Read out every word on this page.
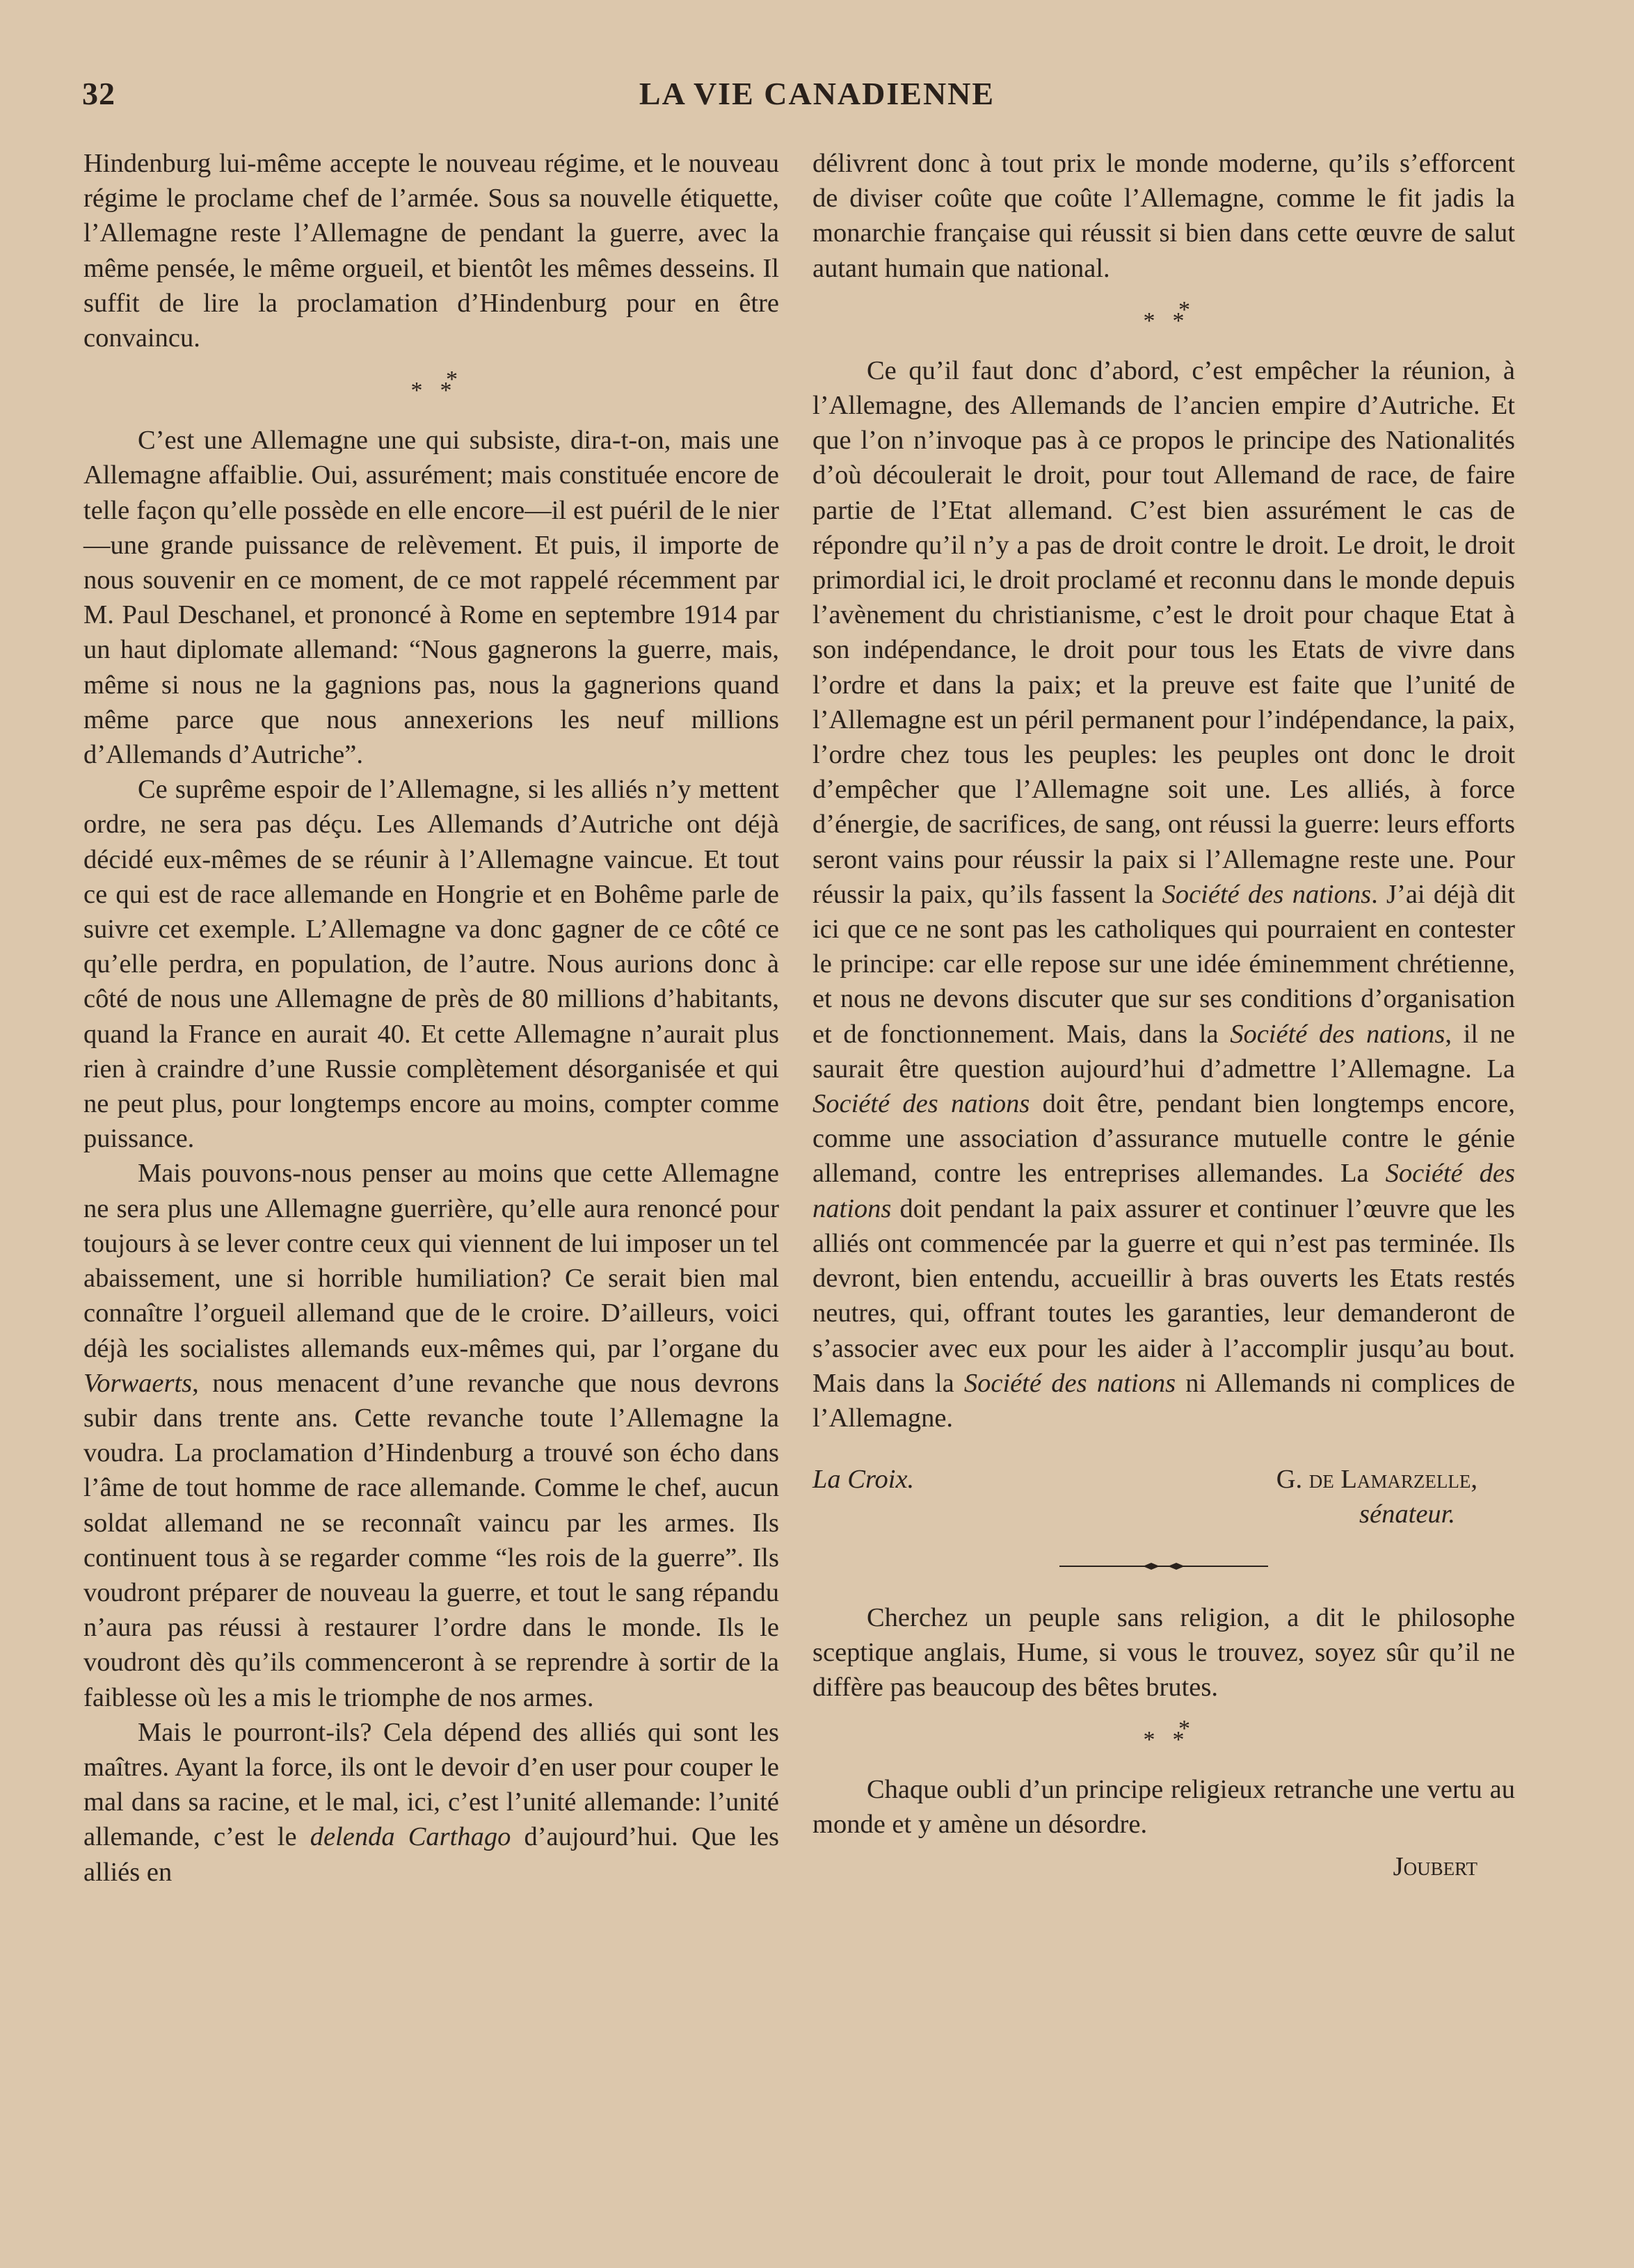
32	LA VIE CANADIENNE

Hindenburg lui-même accepte le nouveau régime, et le nouveau régime le proclame chef de l’armée. Sous sa nouvelle étiquette, l’Allemagne reste l’Allemagne de pendant la guerre, avec la même pensée, le même orgueil, et bientôt les mêmes desseins. Il suffit de lire la proclamation d’Hindenburg pour en être convaincu.

* **

C’est une Allemagne une qui subsiste, dira-t-on, mais une Allemagne affaiblie. Oui, assurément; mais constituée encore de telle façon qu’elle possède en elle encore—il est puéril de le nier—une grande puissance de relèvement. Et puis, il importe de nous souvenir en ce moment, de ce mot rappelé récemment par M. Paul Deschanel, et prononcé à Rome en septembre 1914 par un haut diplomate allemand: “Nous gagnerons la guerre, mais, même si nous ne la gagnions pas, nous la gagnerions quand même parce que nous annexerions les neuf millions d’Allemands d’Autriche”.

Ce suprême espoir de l’Allemagne, si les alliés n’y mettent ordre, ne sera pas déçu. Les Allemands d’Autriche ont déjà décidé eux-mêmes de se réunir à l’Allemagne vaincue. Et tout ce qui est de race allemande en Hongrie et en Bohême parle de suivre cet exemple. L’Allemagne va donc gagner de ce côté ce qu’elle perdra, en population, de l’autre. Nous aurions donc à côté de nous une Allemagne de près de 80 millions d’habitants, quand la France en aurait 40. Et cette Allemagne n’aurait plus rien à craindre d’une Russie complètement désorganisée et qui ne peut plus, pour longtemps encore au moins, compter comme puissance.

Mais pouvons-nous penser au moins que cette Allemagne ne sera plus une Allemagne guerrière, qu’elle aura renoncé pour toujours à se lever contre ceux qui viennent de lui imposer un tel abaissement, une si horrible humiliation? Ce serait bien mal connaître l’orgueil allemand que de le croire. D’ailleurs, voici déjà les socialistes allemands eux-mêmes qui, par l’organe du Vorwaerts, nous menacent d’une revanche que nous devrons subir dans trente ans. Cette revanche toute l’Allemagne la voudra. La proclamation d’Hindenburg a trouvé son écho dans l’âme de tout homme de race allemande. Comme le chef, aucun soldat allemand ne se reconnaît vaincu par les armes. Ils continuent tous à se regarder comme “les rois de la guerre”. Ils voudront préparer de nouveau la guerre, et tout le sang répandu n’aura pas réussi à restaurer l’ordre dans le monde. Ils le voudront dès qu’ils commenceront à se reprendre à sortir de la faiblesse où les a mis le triomphe de nos armes.

Mais le pourront-ils? Cela dépend des alliés qui sont les maîtres. Ayant la force, ils ont le devoir d’en user pour couper le mal dans sa racine, et le mal, ici, c’est l’unité allemande: l’unité allemande, c’est le delenda Carthago d’aujourd’hui. Que les alliés en

délivrent donc à tout prix le monde moderne, qu’ils s’efforcent de diviser coûte que coûte l’Allemagne, comme le fit jadis la monarchie française qui réussit si bien dans cette œuvre de salut autant humain que national.

* **

Ce qu’il faut donc d’abord, c’est empêcher la réunion, à l’Allemagne, des Allemands de l’ancien empire d’Autriche. Et que l’on n’invoque pas à ce propos le principe des Nationalités d’où découlerait le droit, pour tout Allemand de race, de faire partie de l’Etat allemand. C’est bien assurément le cas de répondre qu’il n’y a pas de droit contre le droit. Le droit, le droit primordial ici, le droit proclamé et reconnu dans le monde depuis l’avènement du christianisme, c’est le droit pour chaque Etat à son indépendance, le droit pour tous les Etats de vivre dans l’ordre et dans la paix; et la preuve est faite que l’unité de l’Allemagne est un péril permanent pour l’indépendance, la paix, l’ordre chez tous les peuples: les peuples ont donc le droit d’empêcher que l’Allemagne soit une. Les alliés, à force d’énergie, de sacrifices, de sang, ont réussi la guerre: leurs efforts seront vains pour réussir la paix si l’Allemagne reste une. Pour réussir la paix, qu’ils fassent la Société des nations. J’ai déjà dit ici que ce ne sont pas les catholiques qui pourraient en contester le principe: car elle repose sur une idée éminemment chrétienne, et nous ne devons discuter que sur ses conditions d’organisation et de fonctionnement. Mais, dans la Société des nations, il ne saurait être question aujourd’hui d’admettre l’Allemagne. La Société des nations doit être, pendant bien longtemps encore, comme une association d’assurance mutuelle contre le génie allemand, contre les entreprises allemandes. La Société des nations doit pendant la paix assurer et continuer l’œuvre que les alliés ont commencée par la guerre et qui n’est pas terminée. Ils devront, bien entendu, accueillir à bras ouverts les Etats restés neutres, qui, offrant toutes les garanties, leur demanderont de s’associer avec eux pour les aider à l’accomplir jusqu’au bout. Mais dans la Société des nations ni Allemands ni complices de l’Allemagne.

La Croix.	G. de Lamarzelle,
sénateur.

Cherchez un peuple sans religion, a dit le philosophe sceptique anglais, Hume, si vous le trouvez, soyez sûr qu’il ne diffère pas beaucoup des bêtes brutes.

* **

Chaque oubli d’un principe religieux retranche une vertu au monde et y amène un désordre.

Joubert
